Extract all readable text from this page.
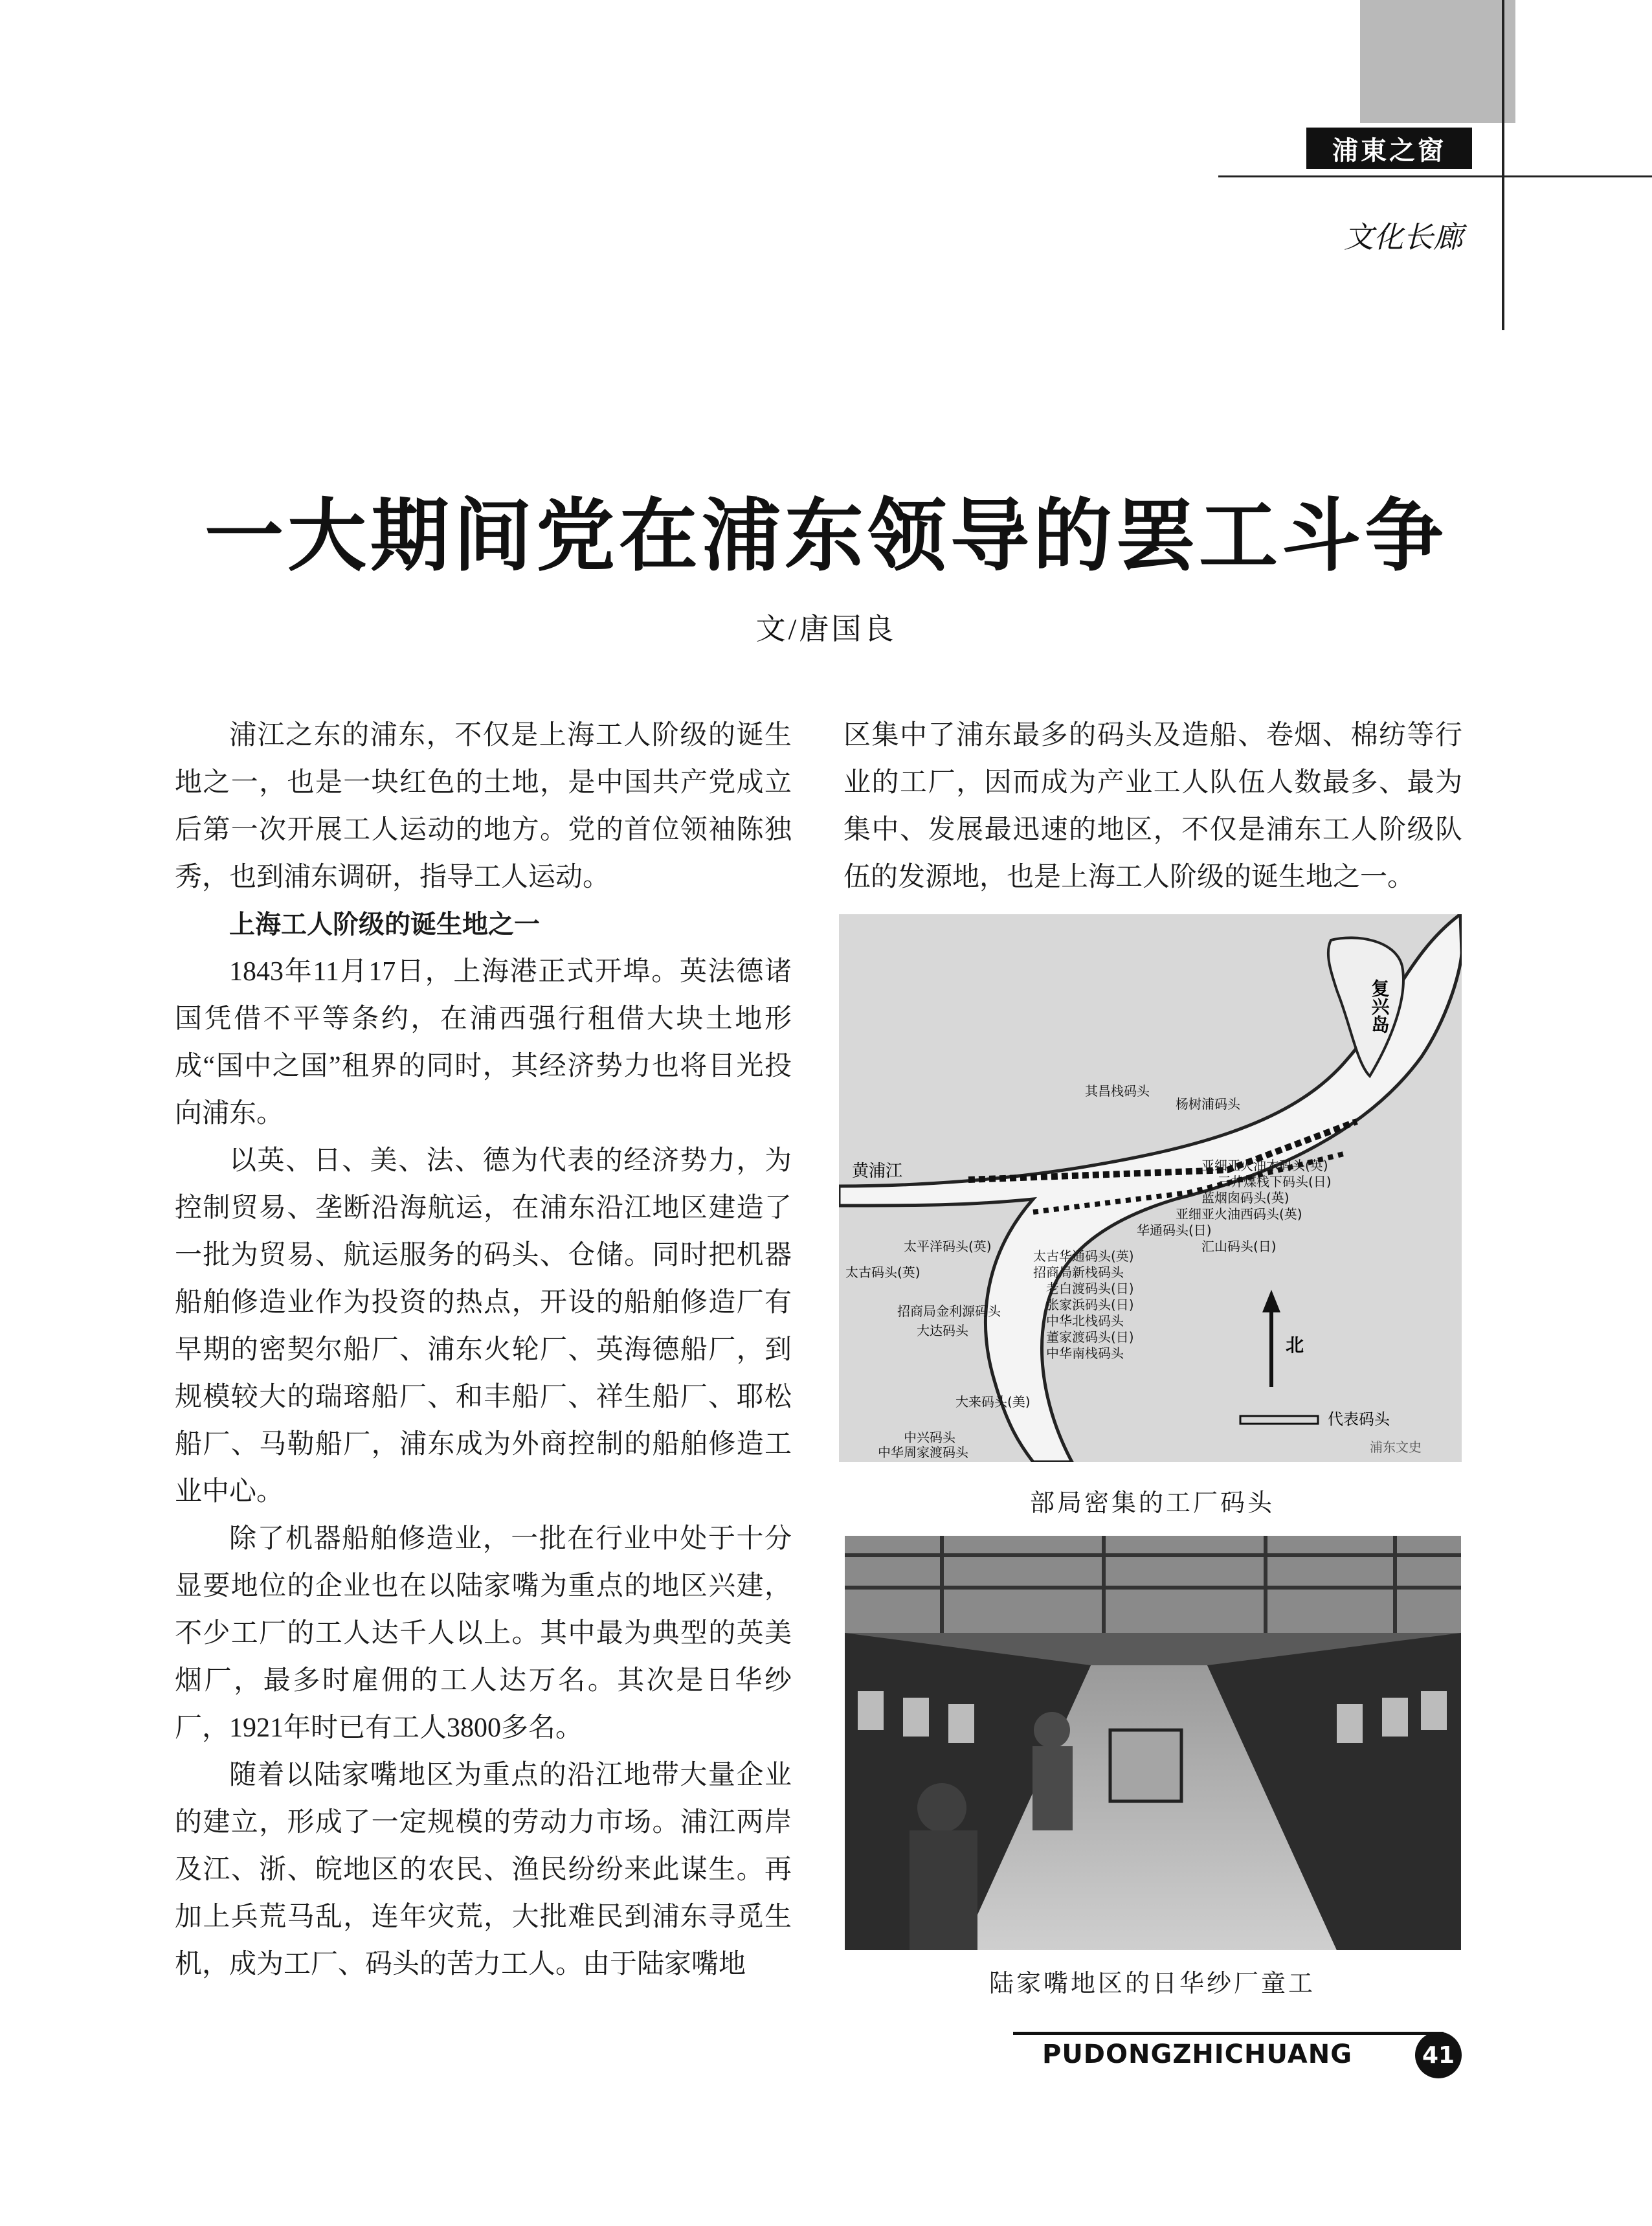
浦東之窗
文化长廊
一大期间党在浦东领导的罢工斗争
文/唐国良

浦江之东的浦东，不仅是上海工人阶级的诞生地之一，也是一块红色的土地，是中国共产党成立后第一次开展工人运动的地方。党的首位领袖陈独秀，也到浦东调研，指导工人运动。

上海工人阶级的诞生地之一

1843年11月17日，上海港正式开埠。英法德诸国凭借不平等条约，在浦西强行租借大块土地形成“国中之国”租界的同时，其经济势力也将目光投向浦东。

以英、日、美、法、德为代表的经济势力，为控制贸易、垄断沿海航运，在浦东沿江地区建造了一批为贸易、航运服务的码头、仓储。同时把机器船舶修造业作为投资的热点，开设的船舶修造厂有早期的密契尔船厂、浦东火轮厂、英海德船厂，到规模较大的瑞瑢船厂、和丰船厂、祥生船厂、耶松船厂、马勒船厂，浦东成为外商控制的船舶修造工业中心。

除了机器船舶修造业，一批在行业中处于十分显要地位的企业也在以陆家嘴为重点的地区兴建，不少工厂的工人达千人以上。其中最为典型的英美烟厂，最多时雇佣的工人达万名。其次是日华纱厂，1921年时已有工人3800多名。

随着以陆家嘴地区为重点的沿江地带大量企业的建立，形成了一定规模的劳动力市场。浦江两岸及江、浙、皖地区的农民、渔民纷纷来此谋生。再加上兵荒马乱，连年灾荒，大批难民到浦东寻觅生机，成为工厂、码头的苦力工人。由于陆家嘴地

区集中了浦东最多的码头及造船、卷烟、棉纺等行业的工厂，因而成为产业工人队伍人数最多、最为集中、发展最迅速的地区，不仅是浦东工人阶级队伍的发源地，也是上海工人阶级的诞生地之一。

复兴岛
黄浦江
北
代表码头
浦东文史
亚细亚火油木码头(英)
三井煤栈下码头(日)
蓝烟囱码头(英)
亚细亚火油西码头(英)
华通码头(日)
太古华通码头(英)
招商局新栈码头
老白渡码头(日)
张家浜码头(日)
中华北栈码头
董家渡码头(日)
中华南栈码头
大达码头
招商局金利源码头
太古码头(英)
太平洋码头(英)
大来码头(美)
中兴码头
中华周家渡码头
汇山码头(日)
其昌栈码头
杨树浦码头
部局密集的工厂码头
陆家嘴地区的日华纱厂童工
PUDONGZHICHUANG	41
